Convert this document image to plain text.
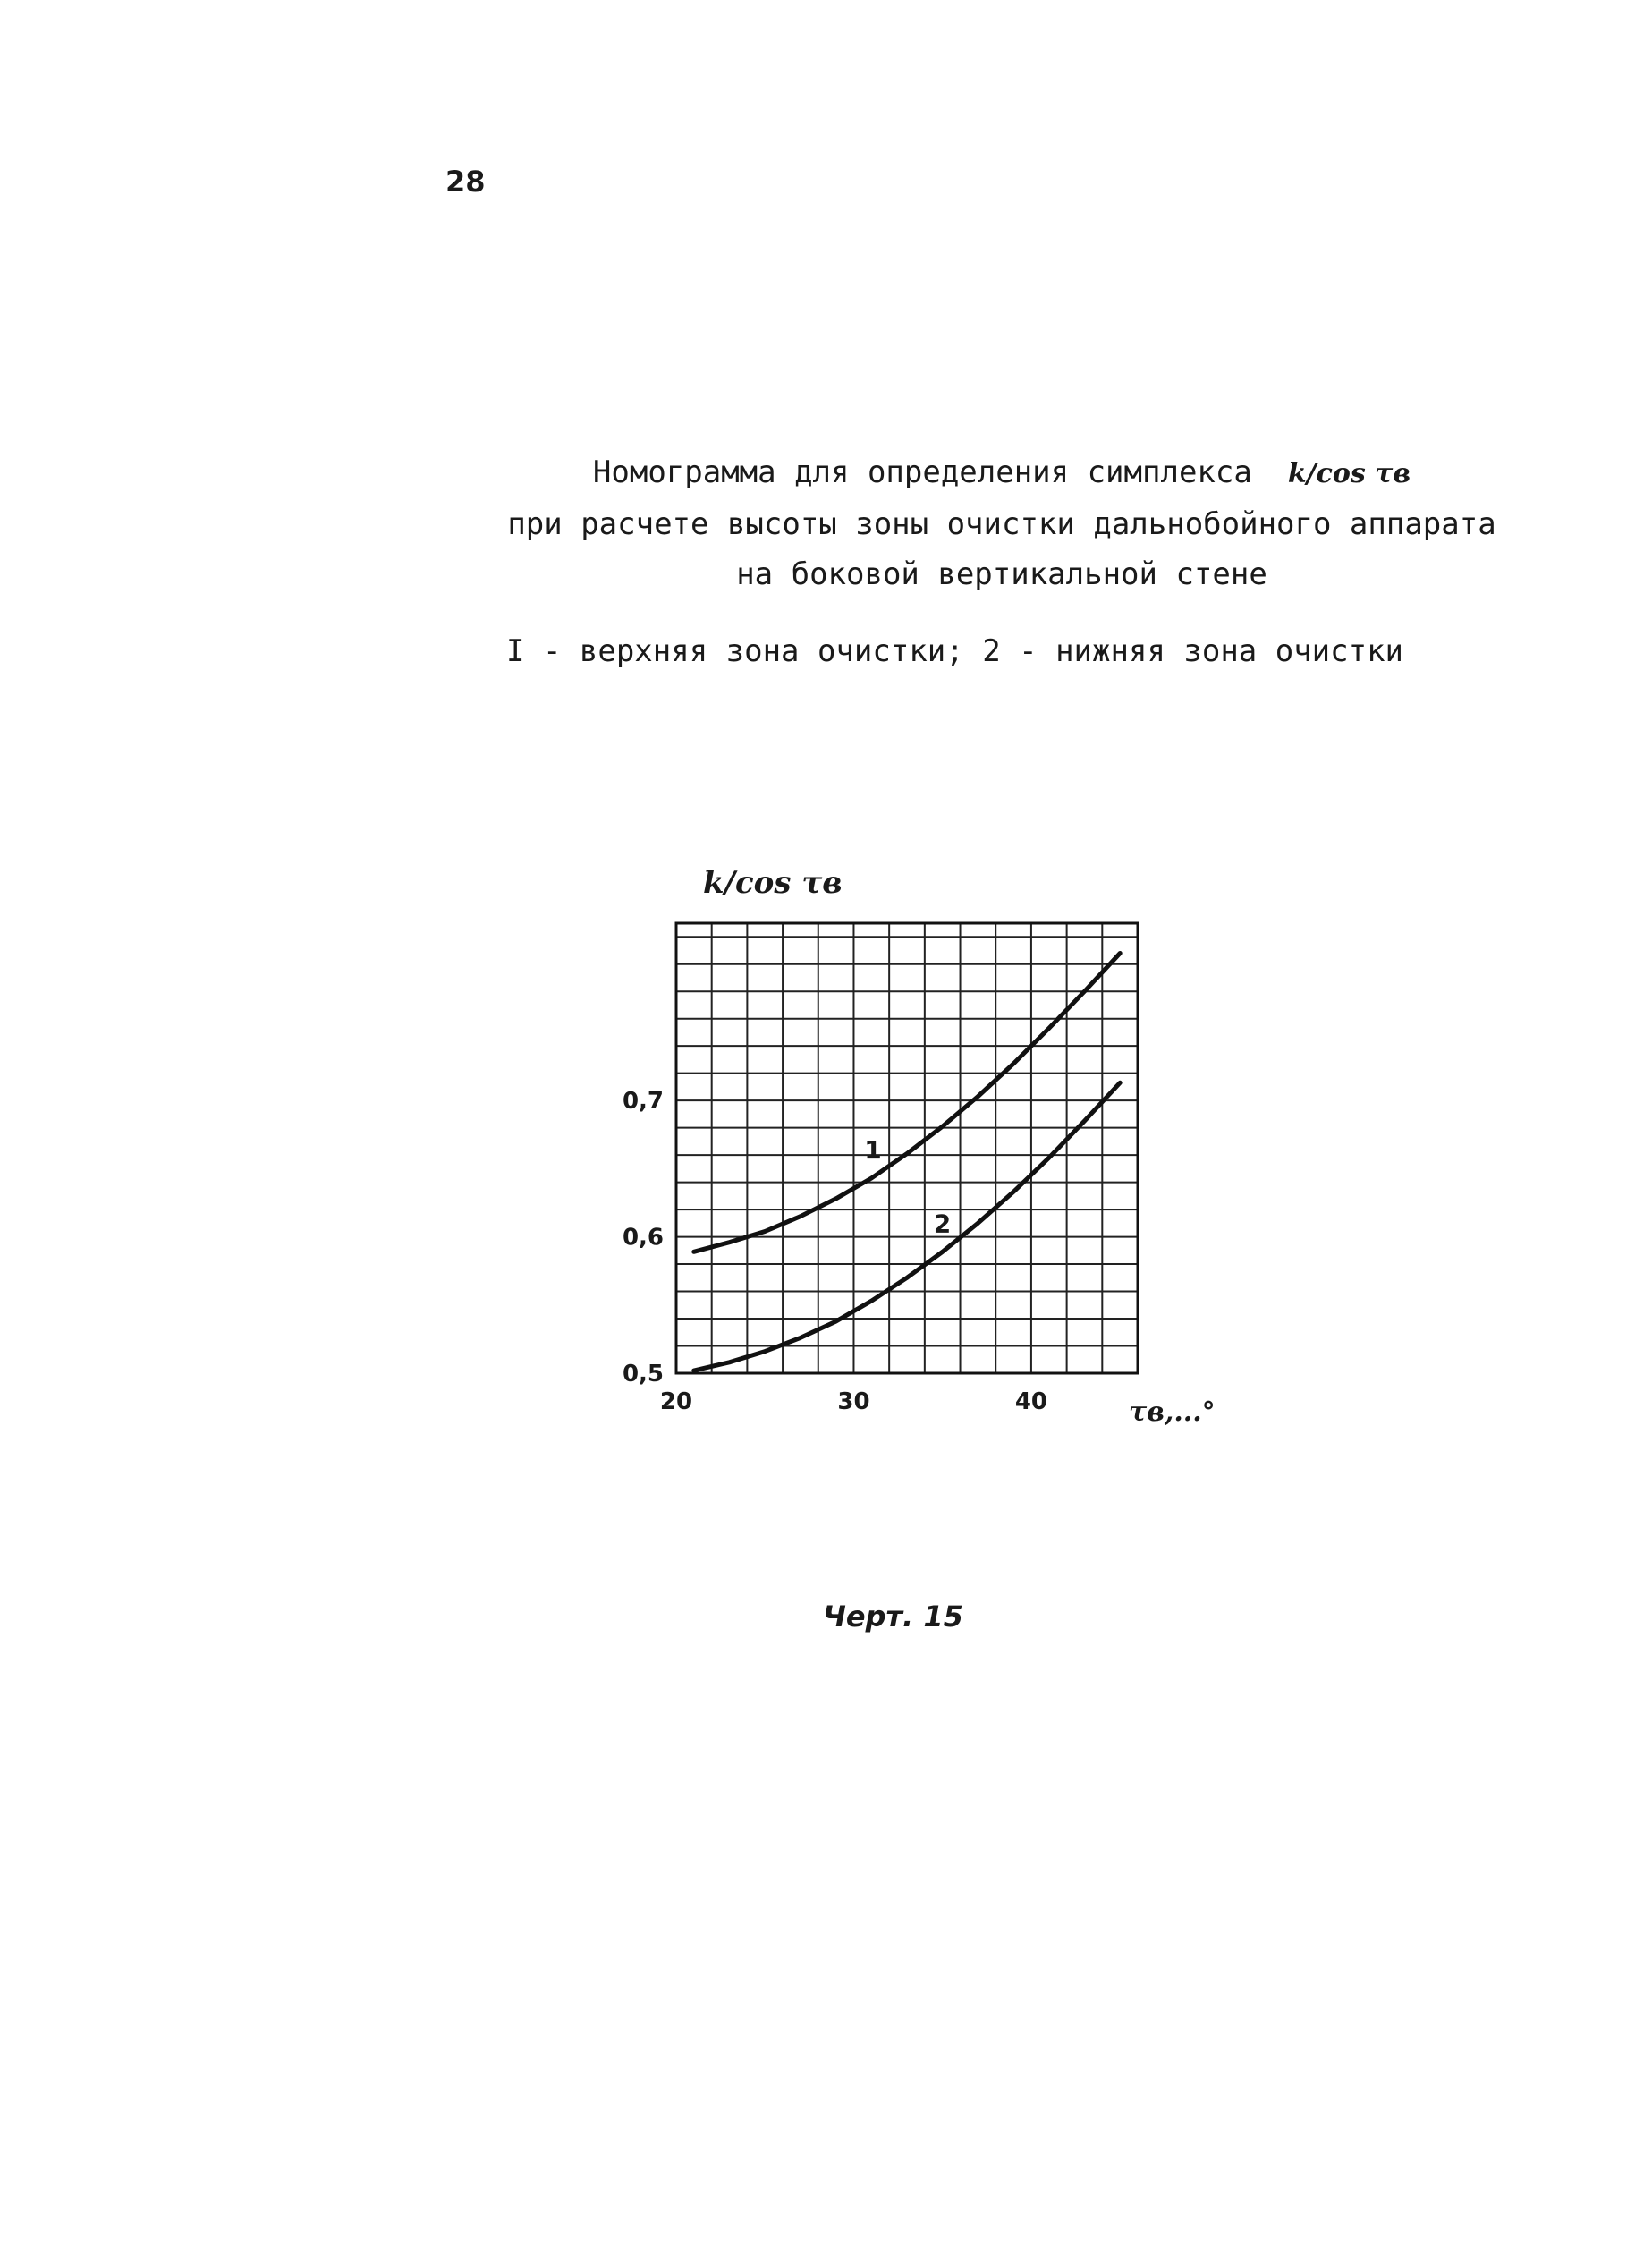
28
Номограмма для определения симплекса k/cos τв
при расчете высоты зоны очистки дальнобойного аппарата
на боковой вертикальной стене
I - верхняя зона очистки; 2 - нижняя зона очистки
1
2
20	30	40
0,5
0,6
0,7
k/cos τв
τв,...°
Черт. 15
